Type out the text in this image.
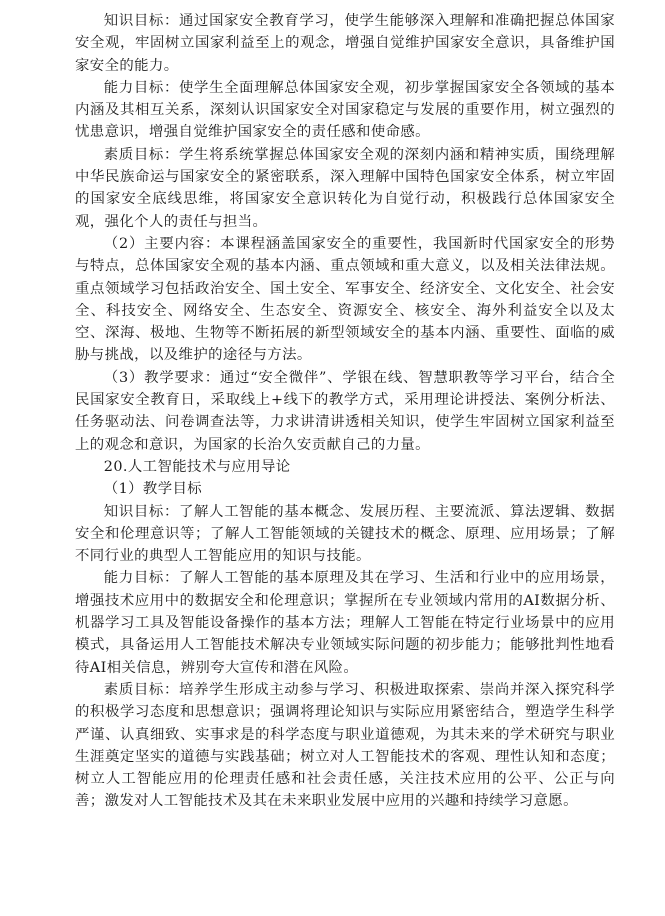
知识目标：通过国家安全教育学习，使学生能够深入理解和准确把握总体国家安全观，牢固树立国家利益至上的观念，增强自觉维护国家安全意识，具备维护国家安全的能力。

能力目标：使学生全面理解总体国家安全观，初步掌握国家安全各领域的基本内涵及其相互关系，深刻认识国家安全对国家稳定与发展的重要作用，树立强烈的忧患意识，增强自觉维护国家安全的责任感和使命感。

素质目标：学生将系统掌握总体国家安全观的深刻内涵和精神实质，围绕理解中华民族命运与国家安全的紧密联系，深入理解中国特色国家安全体系，树立牢固的国家安全底线思维，将国家安全意识转化为自觉行动，积极践行总体国家安全观，强化个人的责任与担当。

（2）主要内容：本课程涵盖国家安全的重要性，我国新时代国家安全的形势与特点，总体国家安全观的基本内涵、重点领域和重大意义，以及相关法律法规。重点领域学习包括政治安全、国土安全、军事安全、经济安全、文化安全、社会安全、科技安全、网络安全、生态安全、资源安全、核安全、海外利益安全以及太空、深海、极地、生物等不断拓展的新型领域安全的基本内涵、重要性、面临的威胁与挑战，以及维护的途径与方法。

（3）教学要求：通过“安全微伴”、学银在线、智慧职教等学习平台，结合全民国家安全教育日，采取线上+线下的教学方式，采用理论讲授法、案例分析法、任务驱动法、问卷调查法等，力求讲清讲透相关知识，使学生牢固树立国家利益至上的观念和意识，为国家的长治久安贡献自己的力量。

20.人工智能技术与应用导论

（1）教学目标

知识目标：了解人工智能的基本概念、发展历程、主要流派、算法逻辑、数据安全和伦理意识等；了解人工智能领域的关键技术的概念、原理、应用场景；了解不同行业的典型人工智能应用的知识与技能。

能力目标：了解人工智能的基本原理及其在学习、生活和行业中的应用场景，增强技术应用中的数据安全和伦理意识；掌握所在专业领域内常用的AI数据分析、机器学习工具及智能设备操作的基本方法；理解人工智能在特定行业场景中的应用模式，具备运用人工智能技术解决专业领域实际问题的初步能力；能够批判性地看待AI相关信息，辨别夸大宣传和潜在风险。

素质目标：培养学生形成主动参与学习、积极进取探索、崇尚并深入探究科学的积极学习态度和思想意识；强调将理论知识与实际应用紧密结合，塑造学生科学严谨、认真细致、实事求是的科学态度与职业道德观，为其未来的学术研究与职业生涯奠定坚实的道德与实践基础；树立对人工智能技术的客观、理性认知和态度；树立人工智能应用的伦理责任感和社会责任感，关注技术应用的公平、公正与向善；激发对人工智能技术及其在未来职业发展中应用的兴趣和持续学习意愿。
